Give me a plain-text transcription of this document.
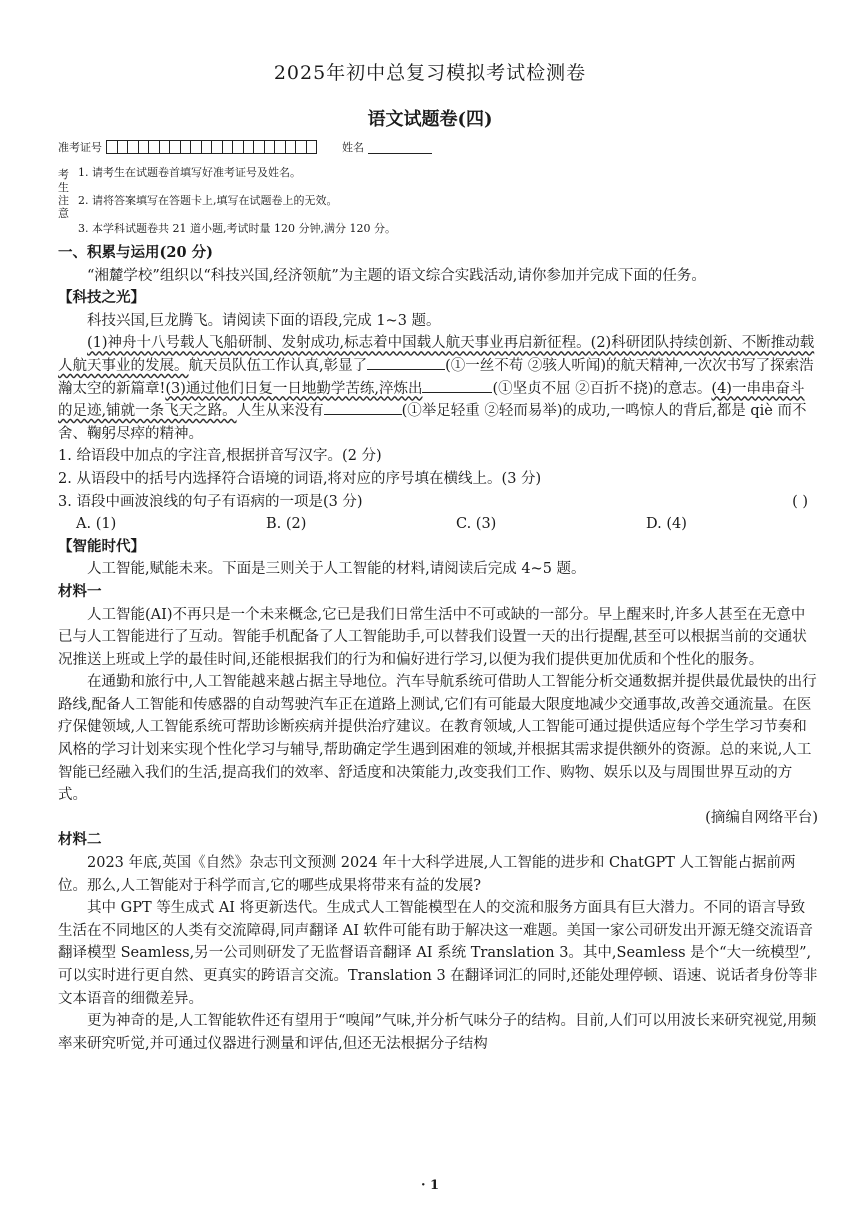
2025年初中总复习模拟考试检测卷
语文试题卷(四)
准考证号	姓名
考生注意
1. 请考生在试题卷首填写好准考证号及姓名。
2. 请将答案填写在答题卡上,填写在试题卷上的无效。
3. 本学科试题卷共 21 道小题,考试时量 120 分钟,满分 120 分。

一、积累与运用(20 分)

“湘麓学校”组织以“科技兴国,经济领航”为主题的语文综合实践活动,请你参加并完成下面的任务。

【科技之光】

科技兴国,巨龙腾飞。请阅读下面的语段,完成 1~3 题。

(1)神舟十八号载人飞船研制、发射成功,标志着中国载人航天事业再启新征程。(2)科研团队持续创新、不断推动载人航天事业的发展。航天员队伍工作认真,彰显了	(①一丝不苟 ②骇人听闻)的航天精神,一次次书写了探索浩瀚太空的新篇章!(3)通过他们日复一日地勤学苦练,淬炼出	(①坚贞不屈 ②百折不挠)的意志。(4)一串串奋斗的足迹,铺就一条飞天之路。人生从来没有	(①举足轻重 ②轻而易举)的成功,一鸣惊人的背后,都是 qiè 而不舍、鞠躬尽瘁的精神。

1. 给语段中加点的字注音,根据拼音写汉字。(2 分)

2. 从语段中的括号内选择符合语境的词语,将对应的序号填在横线上。(3 分)

3. 语段中画波浪线的句子有语病的一项是(3 分)	( )

A. (1)	B. (2)	C. (3)	D. (4)

【智能时代】

人工智能,赋能未来。下面是三则关于人工智能的材料,请阅读后完成 4~5 题。

材料一

人工智能(AI)不再只是一个未来概念,它已是我们日常生活中不可或缺的一部分。早上醒来时,许多人甚至在无意中已与人工智能进行了互动。智能手机配备了人工智能助手,可以替我们设置一天的出行提醒,甚至可以根据当前的交通状况推送上班或上学的最佳时间,还能根据我们的行为和偏好进行学习,以便为我们提供更加优质和个性化的服务。

在通勤和旅行中,人工智能越来越占据主导地位。汽车导航系统可借助人工智能分析交通数据并提供最优最快的出行路线,配备人工智能和传感器的自动驾驶汽车正在道路上测试,它们有可能最大限度地减少交通事故,改善交通流量。在医疗保健领域,人工智能系统可帮助诊断疾病并提供治疗建议。在教育领域,人工智能可通过提供适应每个学生学习节奏和风格的学习计划来实现个性化学习与辅导,帮助确定学生遇到困难的领域,并根据其需求提供额外的资源。总的来说,人工智能已经融入我们的生活,提高我们的效率、舒适度和决策能力,改变我们工作、购物、娱乐以及与周围世界互动的方式。

(摘编自网络平台)

材料二

2023 年底,英国《自然》杂志刊文预测 2024 年十大科学进展,人工智能的进步和 ChatGPT 人工智能占据前两位。那么,人工智能对于科学而言,它的哪些成果将带来有益的发展?

其中 GPT 等生成式 AI 将更新迭代。生成式人工智能模型在人的交流和服务方面具有巨大潜力。不同的语言导致生活在不同地区的人类有交流障碍,同声翻译 AI 软件可能有助于解决这一难题。美国一家公司研发出开源无缝交流语音翻译模型 Seamless,另一公司则研发了无监督语音翻译 AI 系统 Translation 3。其中,Seamless 是个“大一统模型”,可以实时进行更自然、更真实的跨语言交流。Translation 3 在翻译词汇的同时,还能处理停顿、语速、说话者身份等非文本语音的细微差异。

更为神奇的是,人工智能软件还有望用于“嗅闻”气味,并分析气味分子的结构。目前,人们可以用波长来研究视觉,用频率来研究听觉,并可通过仪器进行测量和评估,但还无法根据分子结构

· 1
